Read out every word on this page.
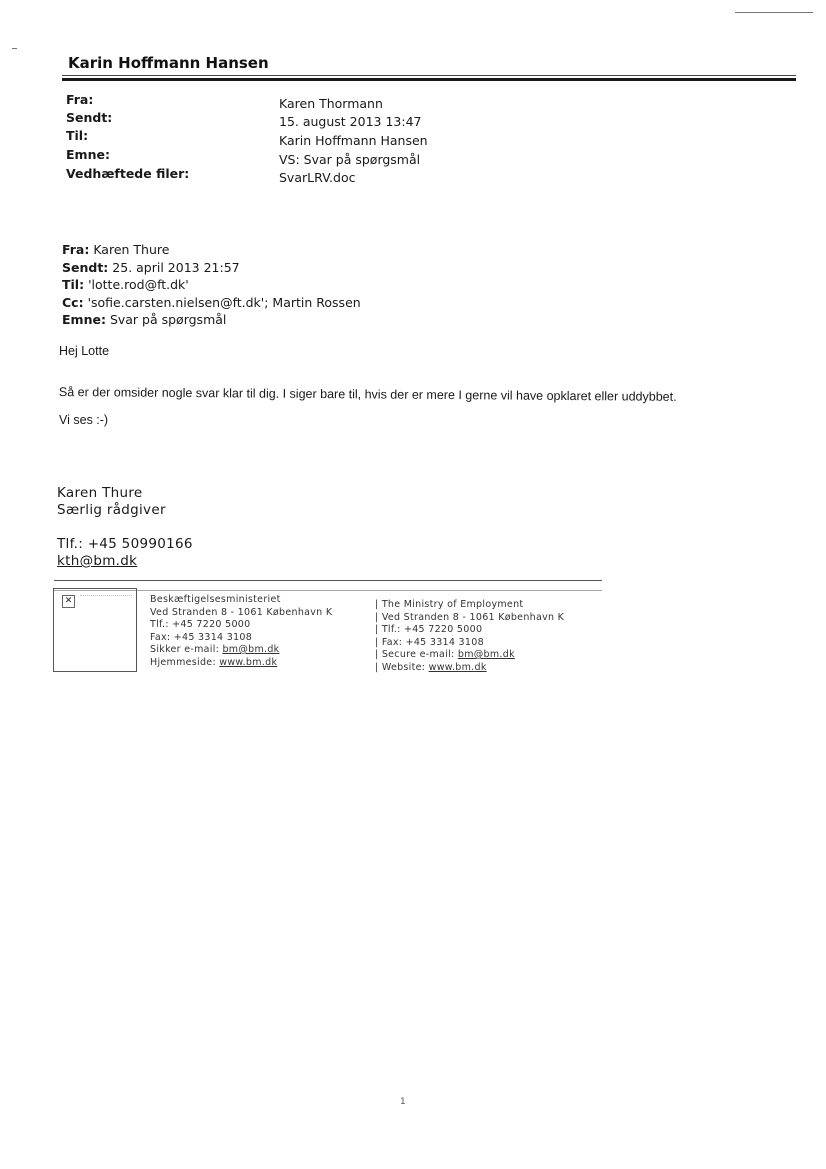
Karin Hoffmann Hansen
Fra:	Karen Thormann
Sendt:	15. august 2013 13:47
Til:	Karin Hoffmann Hansen
Emne:	VS: Svar på spørgsmål
Vedhæftede filer:	SvarLRV.doc
Fra: Karen Thure
Sendt: 25. april 2013 21:57
Til: 'lotte.rod@ft.dk'
Cc: 'sofie.carsten.nielsen@ft.dk'; Martin Rossen
Emne: Svar på spørgsmål
Hej Lotte
Så er der omsider nogle svar klar til dig. I siger bare til, hvis der er mere I gerne vil have opklaret eller uddybbet.
Vi ses :-)
Karen Thure
Særlig rådgiver
Tlf.: +45 50990166
kth@bm.dk
✕	Beskæftigelsesministeriet
Ved Stranden 8 - 1061 København K
Tlf.: +45 7220 5000
Fax: +45 3314 3108
Sikker e-mail: bm@bm.dk
Hjemmeside: www.bm.dk
| The Ministry of Employment
| Ved Stranden 8 - 1061 København K
| Tlf.: +45 7220 5000
| Fax: +45 3314 3108
| Secure e-mail: bm@bm.dk
| Website: www.bm.dk
1
